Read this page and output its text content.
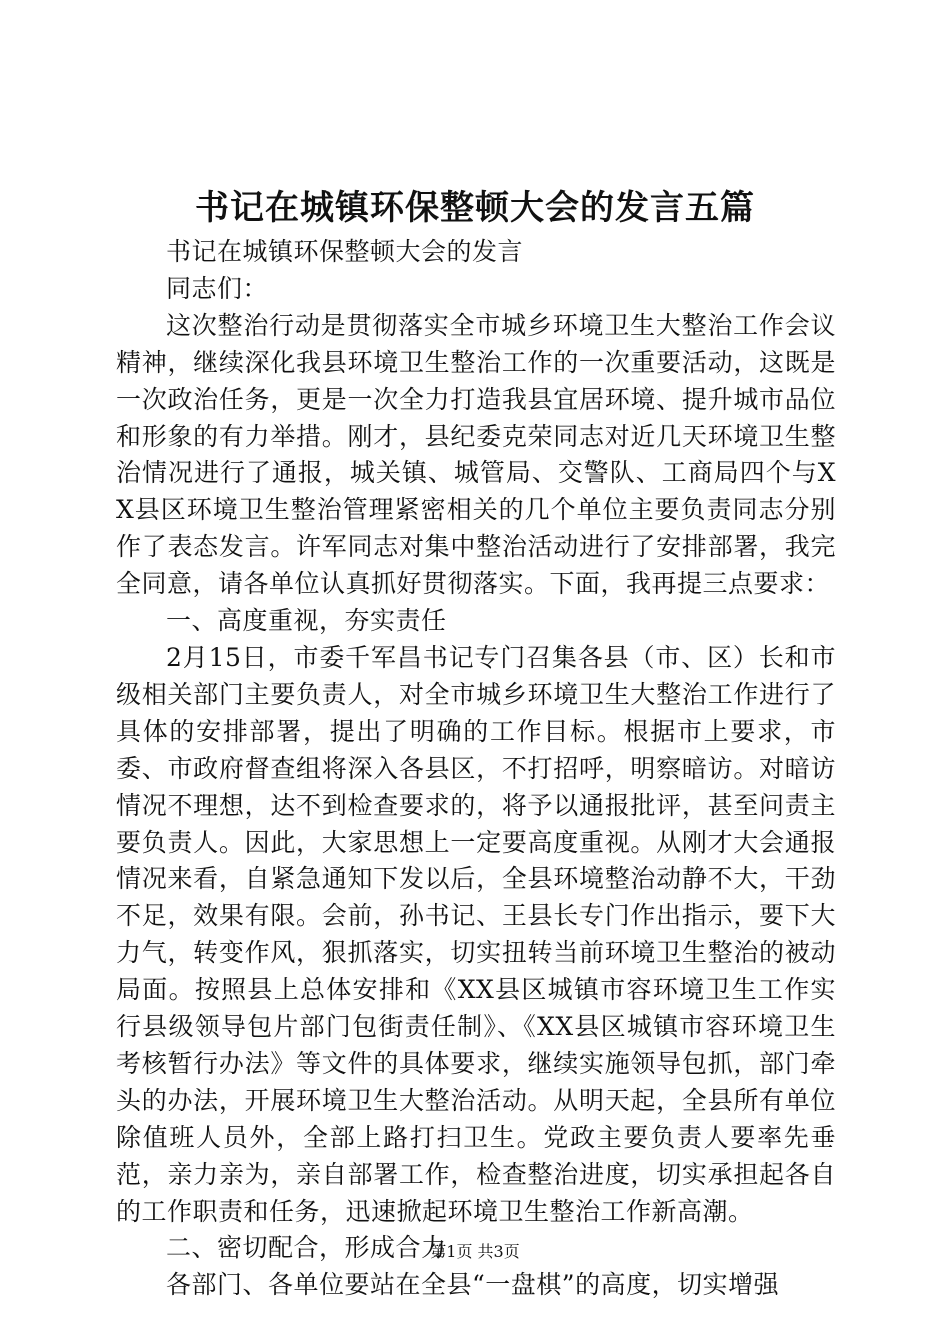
书记在城镇环保整顿大会的发言五篇

书记在城镇环保整顿大会的发言

同志们：

这次整治行动是贯彻落实全市城乡环境卫生大整治工作会议精神，继续深化我县环境卫生整治工作的一次重要活动，这既是一次政治任务，更是一次全力打造我县宜居环境、提升城市品位和形象的有力举措。刚才，县纪委克荣同志对近几天环境卫生整治情况进行了通报，城关镇、城管局、交警队、工商局四个与XX县区环境卫生整治管理紧密相关的几个单位主要负责同志分别作了表态发言。许军同志对集中整治活动进行了安排部署，我完全同意，请各单位认真抓好贯彻落实。下面，我再提三点要求：

一、高度重视，夯实责任

2月15日，市委千军昌书记专门召集各县（市、区）长和市级相关部门主要负责人，对全市城乡环境卫生大整治工作进行了具体的安排部署，提出了明确的工作目标。根据市上要求，市委、市政府督查组将深入各县区，不打招呼，明察暗访。对暗访情况不理想，达不到检查要求的，将予以通报批评，甚至问责主要负责人。因此，大家思想上一定要高度重视。从刚才大会通报情况来看，自紧急通知下发以后，全县环境整治动静不大，干劲不足，效果有限。会前，孙书记、王县长专门作出指示，要下大力气，转变作风，狠抓落实，切实扭转当前环境卫生整治的被动局面。按照县上总体安排和《XX县区城镇市容环境卫生工作实行县级领导包片部门包街责任制》、《XX县区城镇市容环境卫生考核暂行办法》等文件的具体要求，继续实施领导包抓，部门牵头的办法，开展环境卫生大整治活动。从明天起，全县所有单位除值班人员外，全部上路打扫卫生。党政主要负责人要率先垂范，亲力亲为，亲自部署工作，检查整治进度，切实承担起各自的工作职责和任务，迅速掀起环境卫生整治工作新高潮。

二、密切配合，形成合力

各部门、各单位要站在全县“一盘棋”的高度，切实增强

第1页 共3页
